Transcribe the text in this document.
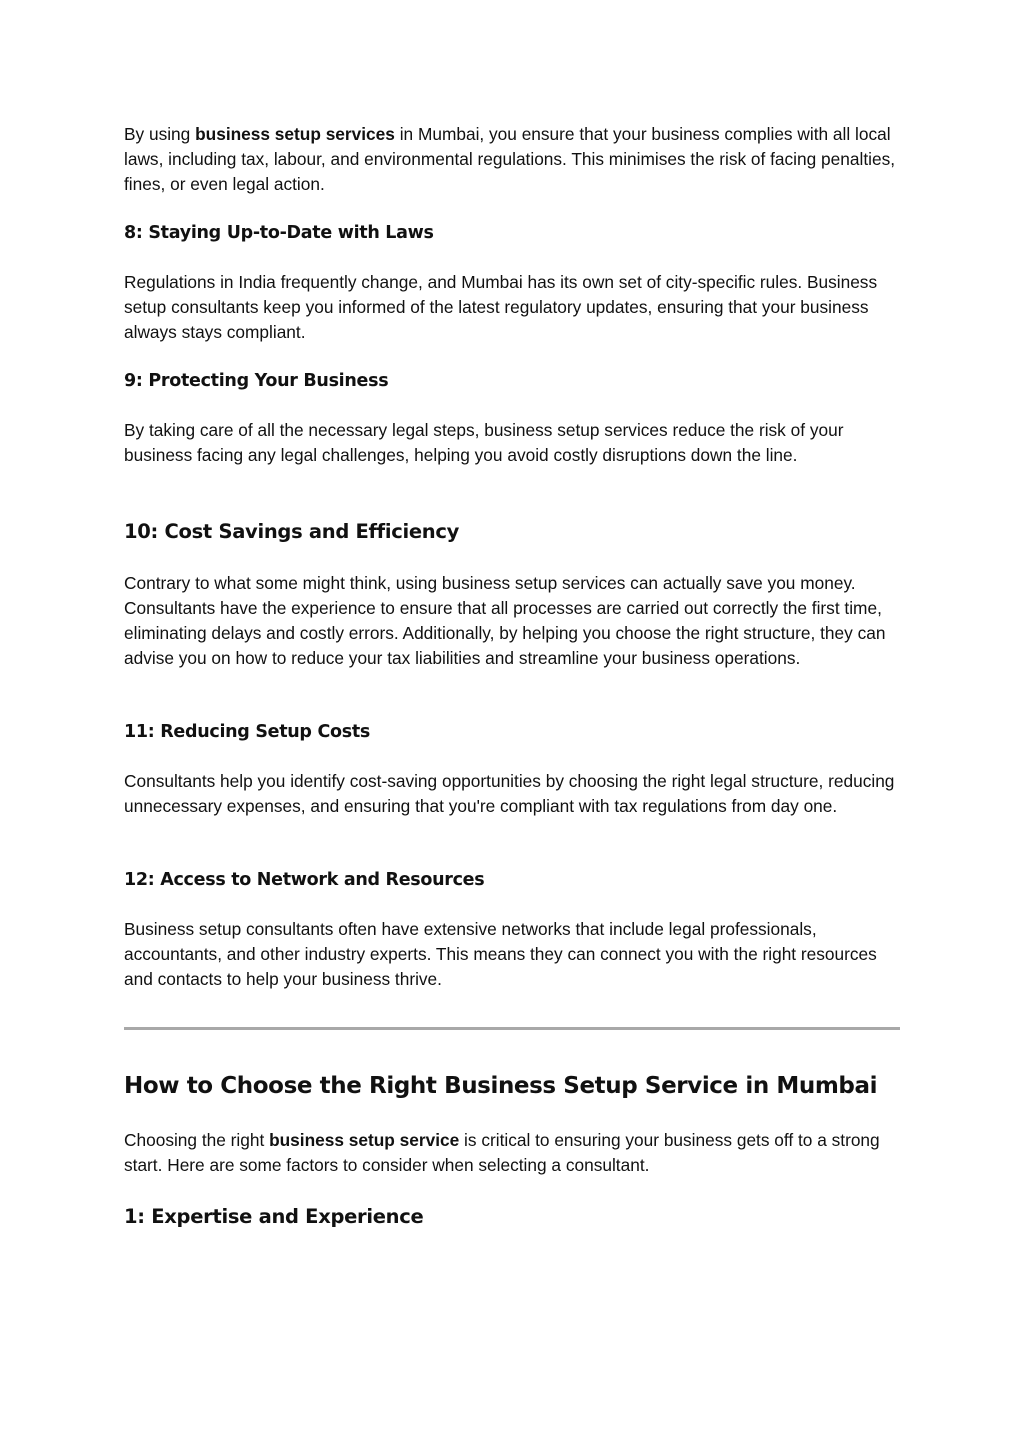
By using business setup services in Mumbai, you ensure that your business complies with all local laws, including tax, labour, and environmental regulations. This minimises the risk of facing penalties, fines, or even legal action.

8: Staying Up-to-Date with Laws

Regulations in India frequently change, and Mumbai has its own set of city-specific rules. Business setup consultants keep you informed of the latest regulatory updates, ensuring that your business always stays compliant.

9: Protecting Your Business

By taking care of all the necessary legal steps, business setup services reduce the risk of your business facing any legal challenges, helping you avoid costly disruptions down the line.

10: Cost Savings and Efficiency

Contrary to what some might think, using business setup services can actually save you money. Consultants have the experience to ensure that all processes are carried out correctly the first time, eliminating delays and costly errors. Additionally, by helping you choose the right structure, they can advise you on how to reduce your tax liabilities and streamline your business operations.

11: Reducing Setup Costs

Consultants help you identify cost-saving opportunities by choosing the right legal structure, reducing unnecessary expenses, and ensuring that you're compliant with tax regulations from day one.

12: Access to Network and Resources

Business setup consultants often have extensive networks that include legal professionals, accountants, and other industry experts. This means they can connect you with the right resources and contacts to help your business thrive.

How to Choose the Right Business Setup Service in Mumbai

Choosing the right business setup service is critical to ensuring your business gets off to a strong start. Here are some factors to consider when selecting a consultant.

1: Expertise and Experience
